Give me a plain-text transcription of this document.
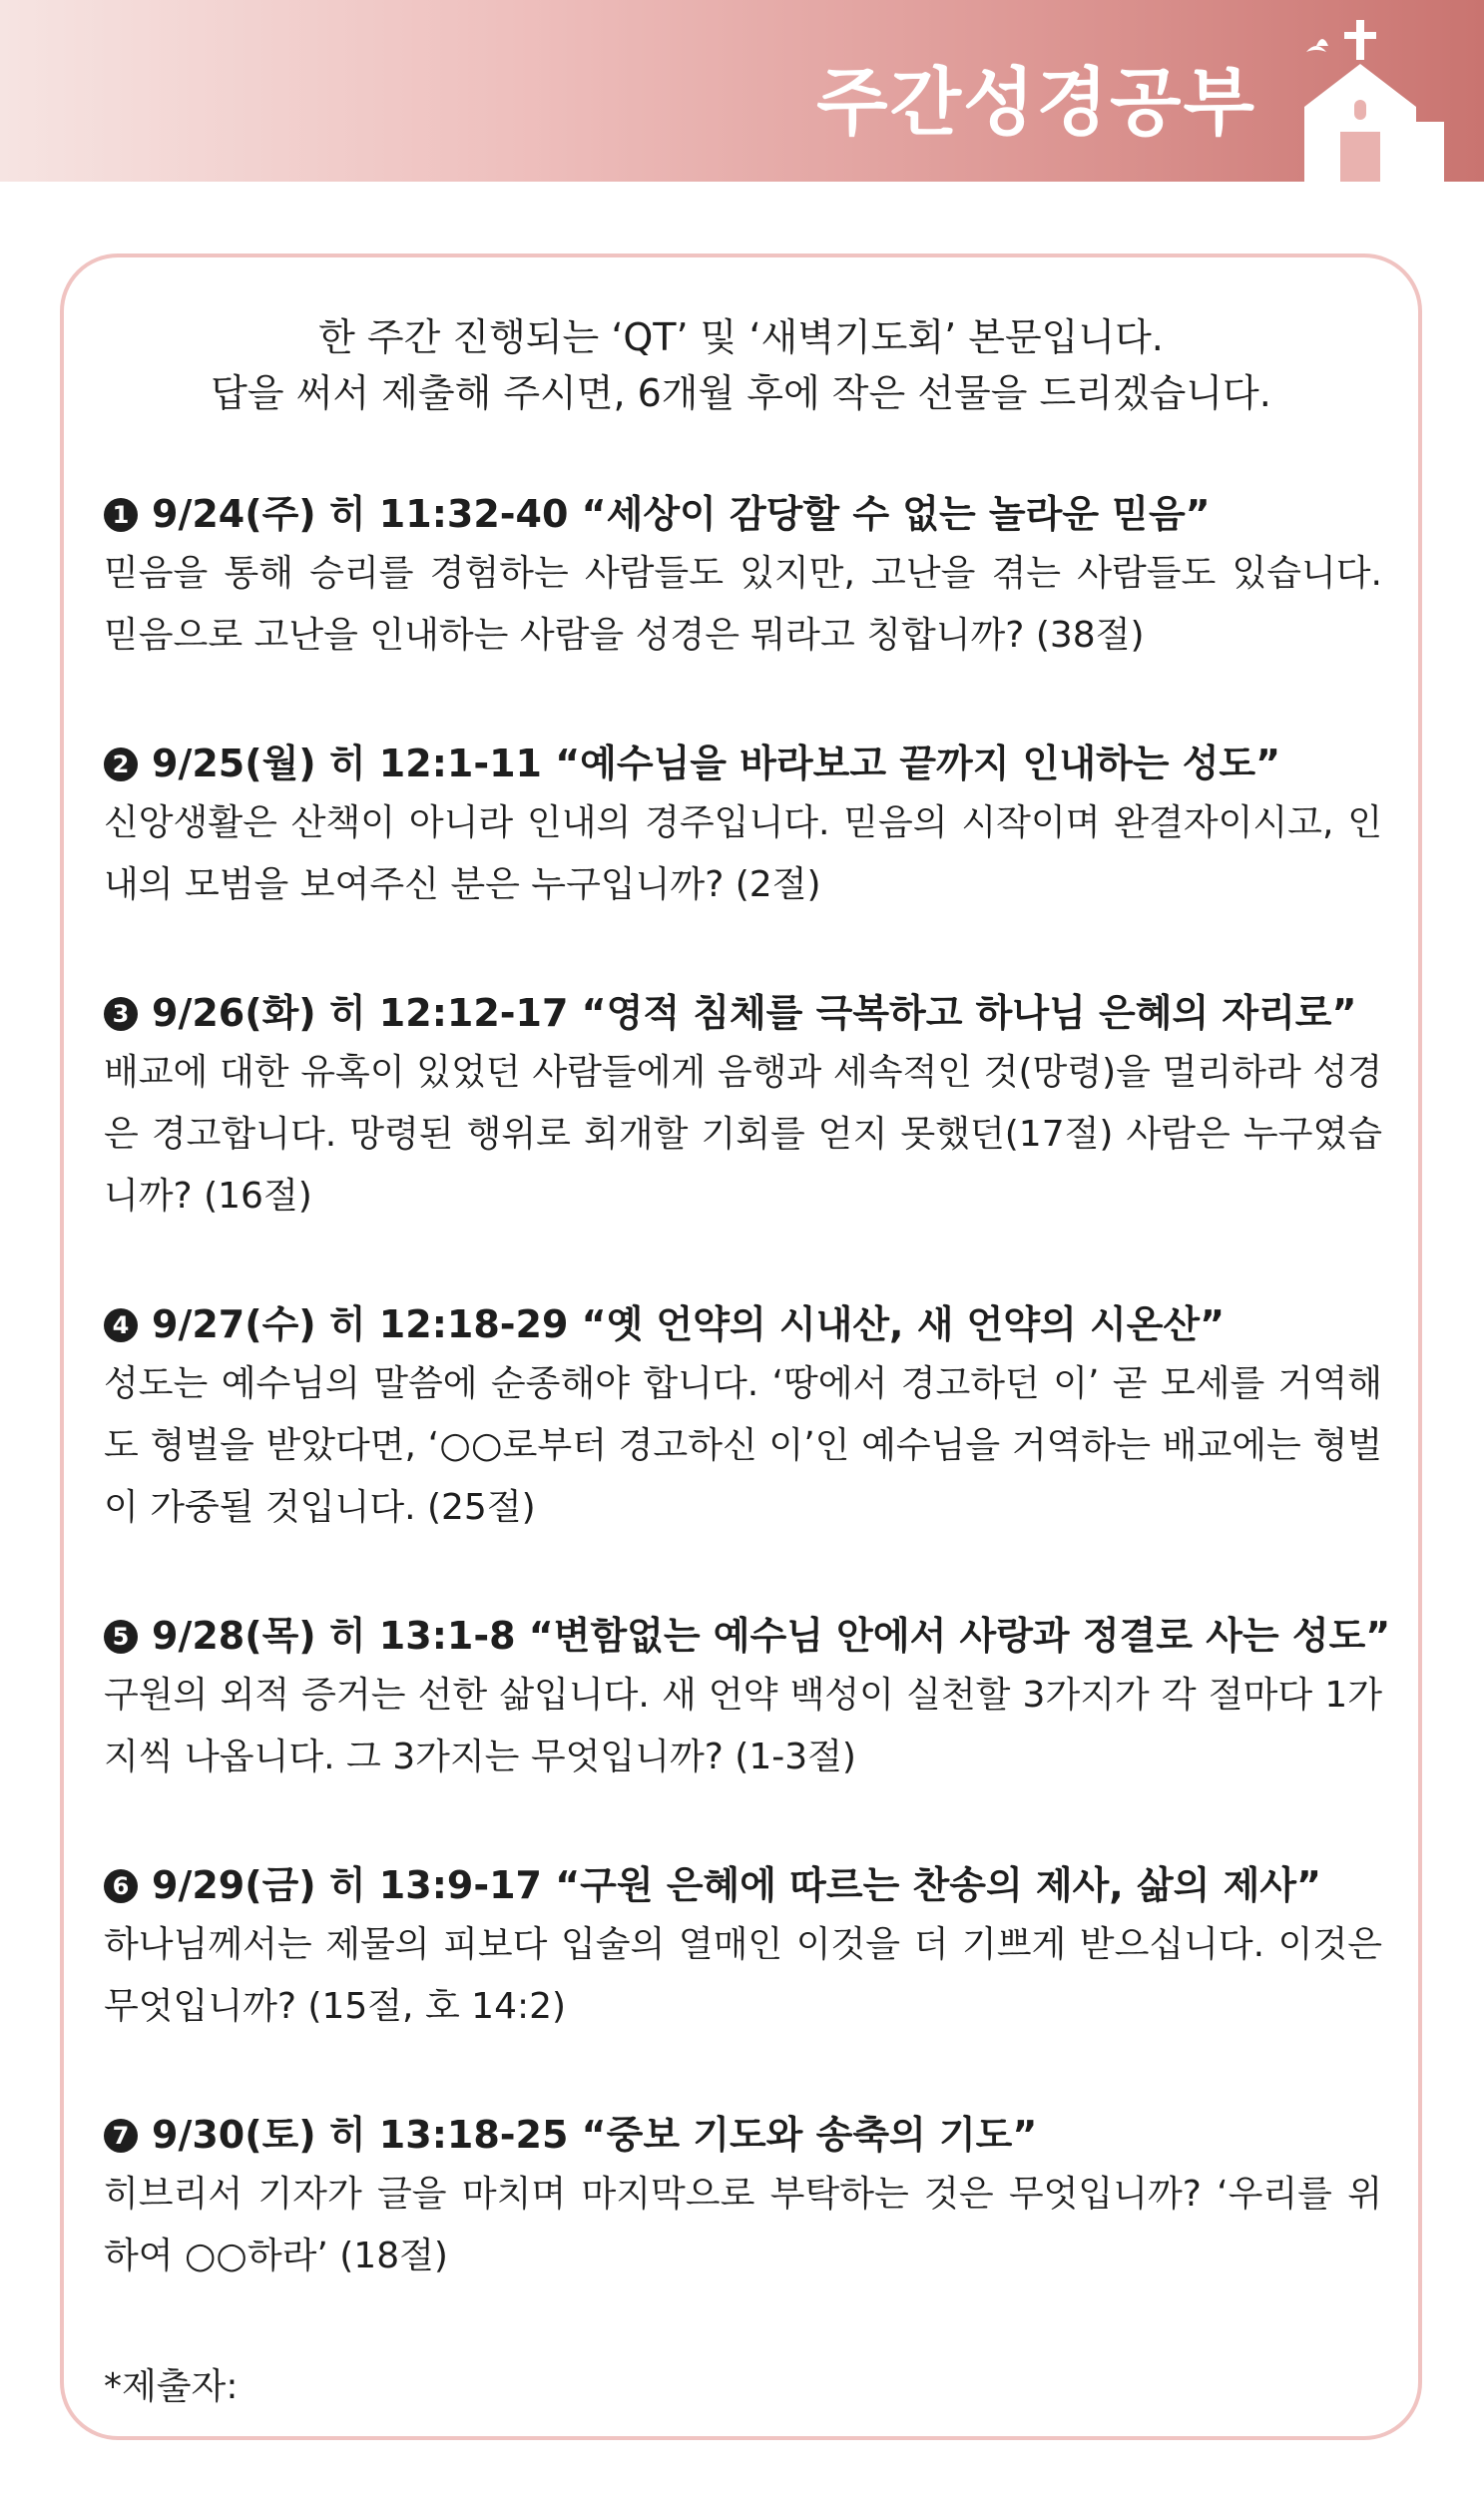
주간성경공부
한 주간 진행되는 ‘QT’ 및 ‘새벽기도회’ 본문입니다.
답을 써서 제출해 주시면, 6개월 후에 작은 선물을 드리겠습니다.
1 9/24(주) 히 11:32-40 “세상이 감당할 수 없는 놀라운 믿음”
믿음을 통해 승리를 경험하는 사람들도 있지만, 고난을 겪는 사람들도 있습니다. 믿음으로 고난을 인내하는 사람을 성경은 뭐라고 칭합니까? (38절)
2 9/25(월) 히 12:1-11 “예수님을 바라보고 끝까지 인내하는 성도”
신앙생활은 산책이 아니라 인내의 경주입니다. 믿음의 시작이며 완결자이시고, 인내의 모범을 보여주신 분은 누구입니까? (2절)
3 9/26(화) 히 12:12-17 “영적 침체를 극복하고 하나님 은혜의 자리로”
배교에 대한 유혹이 있었던 사람들에게 음행과 세속적인 것(망령)을 멀리하라 성경은 경고합니다. 망령된 행위로 회개할 기회를 얻지 못했던(17절) 사람은 누구였습니까? (16절)
4 9/27(수) 히 12:18-29 “옛 언약의 시내산, 새 언약의 시온산”
성도는 예수님의 말씀에 순종해야 합니다. ‘땅에서 경고하던 이’ 곧 모세를 거역해도 형벌을 받았다면, ‘○○로부터 경고하신 이’인 예수님을 거역하는 배교에는 형벌이 가중될 것입니다. (25절)
5 9/28(목) 히 13:1-8 “변함없는 예수님 안에서 사랑과 정결로 사는 성도”
구원의 외적 증거는 선한 삶입니다. 새 언약 백성이 실천할 3가지가 각 절마다 1가지씩 나옵니다. 그 3가지는 무엇입니까? (1-3절)
6 9/29(금) 히 13:9-17 “구원 은혜에 따르는 찬송의 제사, 삶의 제사”
하나님께서는 제물의 피보다 입술의 열매인 이것을 더 기쁘게 받으십니다. 이것은 무엇입니까? (15절, 호 14:2)
7 9/30(토) 히 13:18-25 “중보 기도와 송축의 기도”
히브리서 기자가 글을 마치며 마지막으로 부탁하는 것은 무엇입니까? ‘우리를 위하여 ○○하라’ (18절)
*제출자:
